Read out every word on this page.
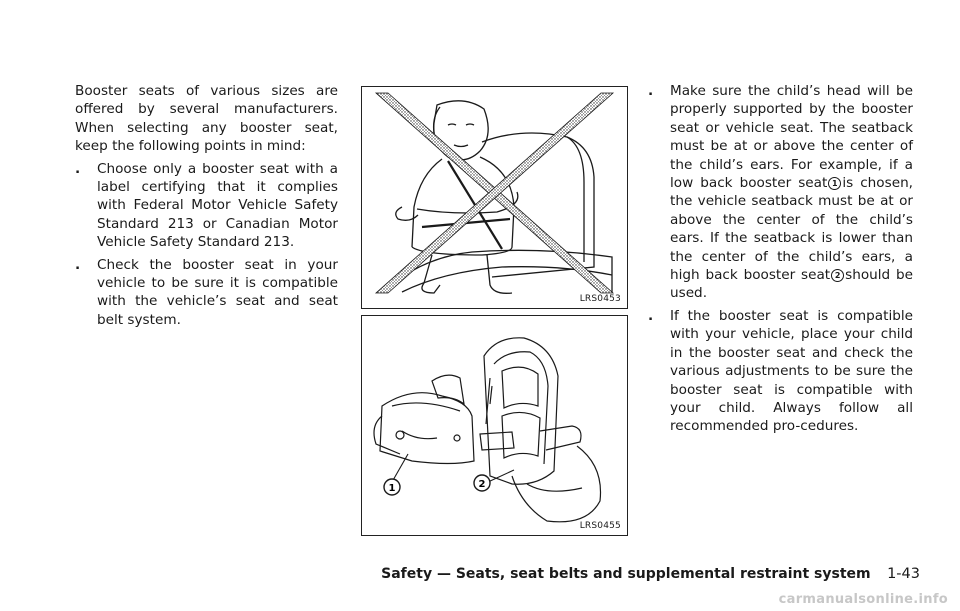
Booster seats of various sizes are offered by several manufacturers. When selecting any booster seat, keep the following points in mind:

. Choose only a booster seat with a label certifying that it complies with Federal Motor Vehicle Safety Standard 213 or Canadian Motor Vehicle Safety Standard 213.
. Check the booster seat in your vehicle to be sure it is compatible with the vehicle’s seat and seat belt system.
LRS0453
1	2
LRS0455
. Make sure the child’s head will be properly supported by the booster seat or vehicle seat. The seatback must be at or above the center of the child’s ears. For example, if a low back booster seat 1 is chosen, the vehicle seatback must be at or above the center of the child’s ears. If the seatback is lower than the center of the child’s ears, a high back booster seat 2 should be used.
. If the booster seat is compatible with your vehicle, place your child in the booster seat and check the various adjustments to be sure the booster seat is compatible with your child. Always follow all recommended pro-cedures.
Safety — Seats, seat belts and supplemental restraint system 1-43
carmanualsonline.info
